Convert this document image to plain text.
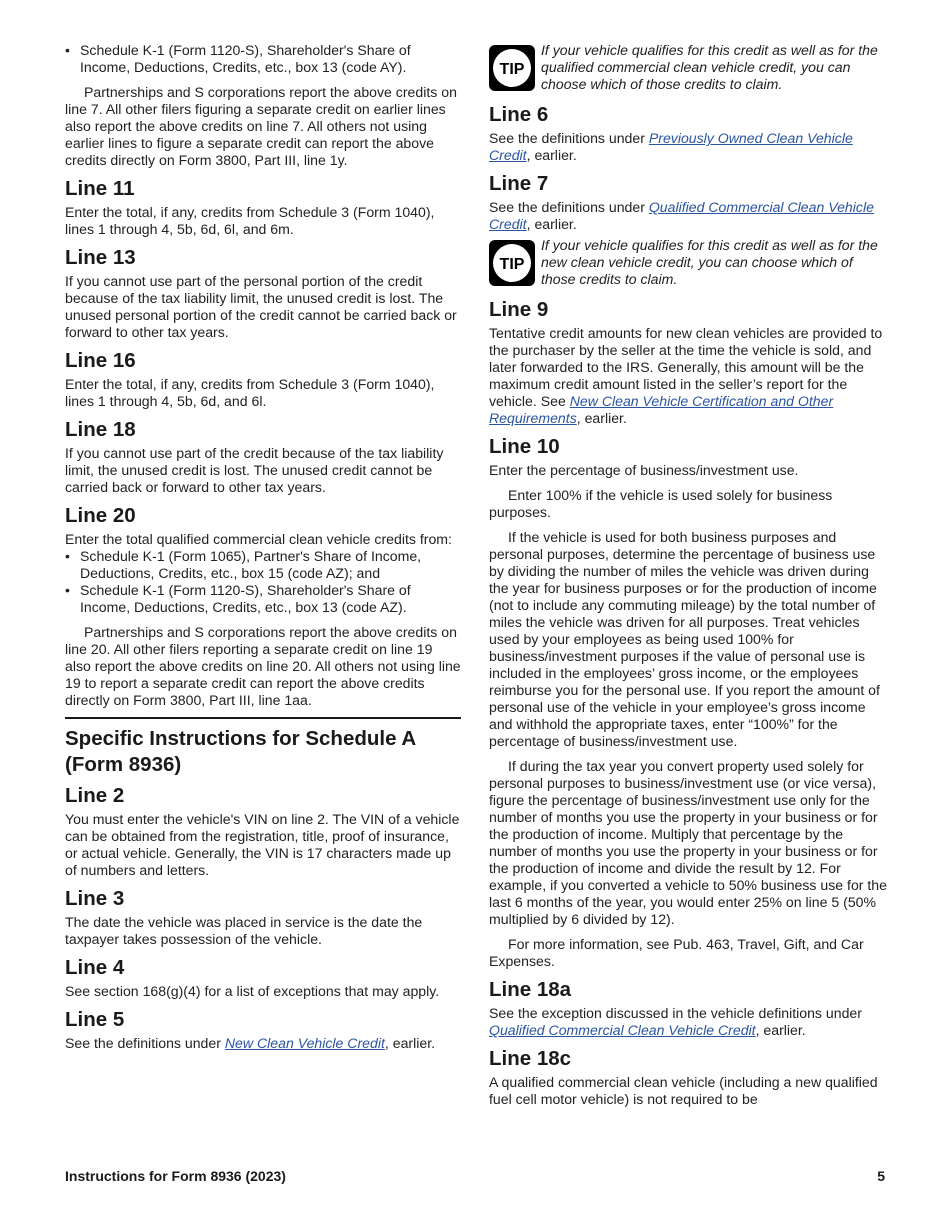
• Schedule K-1 (Form 1120-S), Shareholder's Share of Income, Deductions, Credits, etc., box 13 (code AY).

Partnerships and S corporations report the above credits on line 7. All other filers figuring a separate credit on earlier lines also report the above credits on line 7. All others not using earlier lines to figure a separate credit can report the above credits directly on Form 3800, Part III, line 1y.

Line 11

Enter the total, if any, credits from Schedule 3 (Form 1040), lines 1 through 4, 5b, 6d, 6l, and 6m.

Line 13

If you cannot use part of the personal portion of the credit because of the tax liability limit, the unused credit is lost. The unused personal portion of the credit cannot be carried back or forward to other tax years.

Line 16

Enter the total, if any, credits from Schedule 3 (Form 1040), lines 1 through 4, 5b, 6d, and 6l.

Line 18

If you cannot use part of the credit because of the tax liability limit, the unused credit is lost. The unused credit cannot be carried back or forward to other tax years.

Line 20

Enter the total qualified commercial clean vehicle credits from:

• Schedule K-1 (Form 1065), Partner's Share of Income, Deductions, Credits, etc., box 15 (code AZ); and

• Schedule K-1 (Form 1120-S), Shareholder's Share of Income, Deductions, Credits, etc., box 13 (code AZ).

Partnerships and S corporations report the above credits on line 20. All other filers reporting a separate credit on line 19 also report the above credits on line 20. All others not using line 19 to report a separate credit can report the above credits directly on Form 3800, Part III, line 1aa.

Specific Instructions for Schedule A (Form 8936)
Line 2

You must enter the vehicle's VIN on line 2. The VIN of a vehicle can be obtained from the registration, title, proof of insurance, or actual vehicle. Generally, the VIN is 17 characters made up of numbers and letters.

Line 3

The date the vehicle was placed in service is the date the taxpayer takes possession of the vehicle.

Line 4

See section 168(g)(4) for a list of exceptions that may apply.

Line 5

See the definitions under New Clean Vehicle Credit, earlier.

TIP
If your vehicle qualifies for this credit as well as for the qualified commercial clean vehicle credit, you can choose which of those credits to claim.
Line 6

See the definitions under Previously Owned Clean Vehicle Credit, earlier.

Line 7

See the definitions under Qualified Commercial Clean Vehicle Credit, earlier.

TIP
If your vehicle qualifies for this credit as well as for the new clean vehicle credit, you can choose which of those credits to claim.
Line 9

Tentative credit amounts for new clean vehicles are provided to the purchaser by the seller at the time the vehicle is sold, and later forwarded to the IRS. Generally, this amount will be the maximum credit amount listed in the seller’s report for the vehicle. See New Clean Vehicle Certification and Other Requirements, earlier.

Line 10

Enter the percentage of business/investment use.

Enter 100% if the vehicle is used solely for business purposes.

If the vehicle is used for both business purposes and personal purposes, determine the percentage of business use by dividing the number of miles the vehicle was driven during the year for business purposes or for the production of income (not to include any commuting mileage) by the total number of miles the vehicle was driven for all purposes. Treat vehicles used by your employees as being used 100% for business/investment purposes if the value of personal use is included in the employees’ gross income, or the employees reimburse you for the personal use. If you report the amount of personal use of the vehicle in your employee’s gross income and withhold the appropriate taxes, enter “100%” for the percentage of business/investment use.

If during the tax year you convert property used solely for personal purposes to business/investment use (or vice versa), figure the percentage of business/investment use only for the number of months you use the property in your business or for the production of income. Multiply that percentage by the number of months you use the property in your business or for the production of income and divide the result by 12. For example, if you converted a vehicle to 50% business use for the last 6 months of the year, you would enter 25% on line 5 (50% multiplied by 6 divided by 12).

For more information, see Pub. 463, Travel, Gift, and Car Expenses.

Line 18a

See the exception discussed in the vehicle definitions under Qualified Commercial Clean Vehicle Credit, earlier.

Line 18c

A qualified commercial clean vehicle (including a new qualified fuel cell motor vehicle) is not required to be

Instructions for Form 8936 (2023)	5
